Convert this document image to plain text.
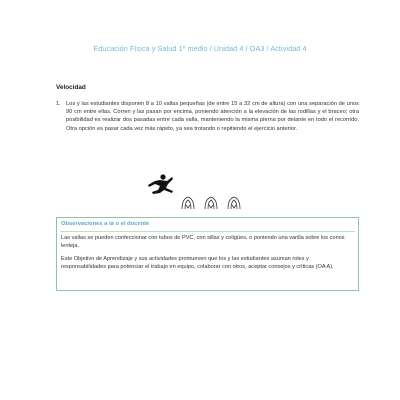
Educación Física y Salud 1º medio / Unidad 4 / OA3 / Actividad 4
Velocidad
1. Los y las estudiantes disponen 8 a 10 vallas pequeñas (de entre 15 a 32 cm de altura) con una separación de unos 90 cm entre ellas. Corren y las pasan por encima, poniendo atención a la elevación de las rodillas y el braceo; otra posibilidad es realizar dos pasadas entre cada valla, manteniendo la misma pierna por delante en todo el recorrido. Otra opción es pasar cada vez más rápido, ya sea trotando o repitiendo el ejercicio anterior.
Observaciones a la o el docente
Las vallas se pueden confeccionar con tubos de PVC, con sillas y coligües, o poniendo una varilla sobre los conos lenteja.
Este Objetivo de Aprendizaje y sus actividades promueven que los y las estudiantes asuman roles y responsabilidades para potenciar el trabajo en equipo, colaborar con otros, aceptar consejos y críticas (OA A).
